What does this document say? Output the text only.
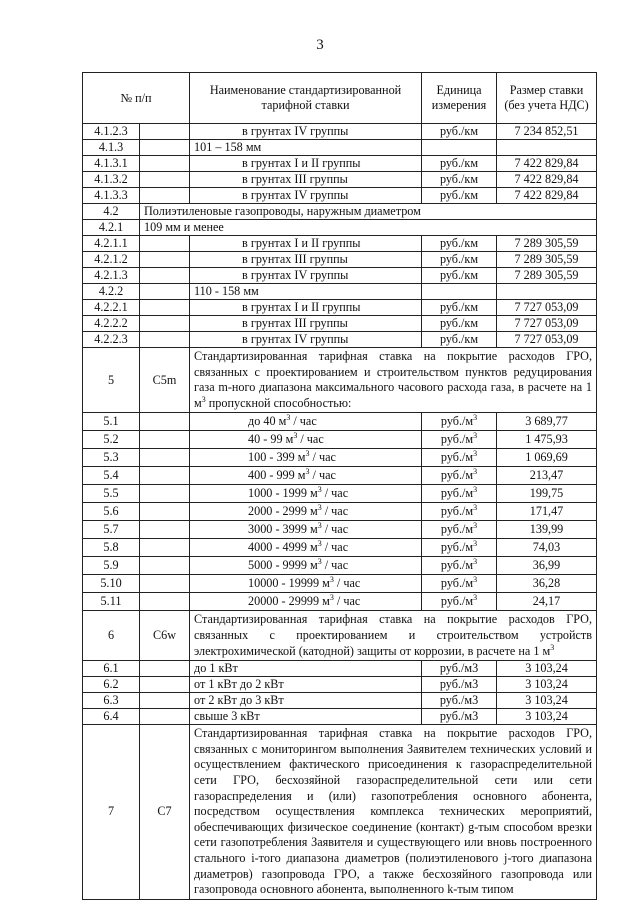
3
№ п/п		Наименование стандартизированной тарифной ставки	Единица измерения	Размер ставки (без учета НДС)
4.1.2.3		в грунтах IV группы	руб./км	7 234 852,51
4.1.3		101 – 158 мм		
4.1.3.1		в грунтах I и II группы	руб./км	7 422 829,84
4.1.3.2		в грунтах III группы	руб./км	7 422 829,84
4.1.3.3		в грунтах IV группы	руб./км	7 422 829,84
4.2	Полиэтиленовые газопроводы, наружным диаметром			
4.2.1	109 мм и менее			
4.2.1.1		в грунтах I и II группы	руб./км	7 289 305,59
4.2.1.2		в грунтах III группы	руб./км	7 289 305,59
4.2.1.3		в грунтах IV группы	руб./км	7 289 305,59
4.2.2		110 - 158 мм		
4.2.2.1		в грунтах I и II группы	руб./км	7 727 053,09
4.2.2.2		в грунтах III группы	руб./км	7 727 053,09
4.2.2.3		в грунтах IV группы	руб./км	7 727 053,09
5	C5m	Стандартизированная тарифная ставка на покрытие расходов ГРО, связанных с проектированием и строительством пунктов редуцирования газа m-ного диапазона максимального часового расхода газа, в расчете на 1 $м^3$ пропускной способностью:		
5.1		до 40 $м^3$ / час	$руб./м^3$	3 689,77
5.2		40 - 99 $м^3$ / час	$руб./м^3$	1 475,93
5.3		100 - 399 $м^3$ / час	$руб./м^3$	1 069,69
5.4		400 - 999 $м^3$ / час	$руб./м^3$	213,47
5.5		1000 - 1999 $м^3$ / час	$руб./м^3$	199,75
5.6		2000 - 2999 $м^3$ / час	$руб./м^3$	171,47
5.7		3000 - 3999 $м^3$ / час	$руб./м^3$	139,99
5.8		4000 - 4999 $м^3$ / час	$руб./м^3$	74,03
5.9		5000 - 9999 $м^3$ / час	$руб./м^3$	36,99
5.10		10000 - 19999 $м^3$ / час	$руб./м^3$	36,28
5.11		20000 - 29999 $м^3$ / час	$руб./м^3$	24,17
6	C6w	Стандартизированная тарифная ставка на покрытие расходов ГРО, связанных с проектированием и строительством устройств электрохимической (катодной) защиты от коррозии, в расчете на 1 $м^3$
6.1		до 1 кВт	руб./м3	3 103,24
6.2		от 1 кВт до 2 кВт	руб./м3	3 103,24
6.3		от 2 кВт до 3 кВт	руб./м3	3 103,24
6.4		свыше 3 кВт	руб./м3	3 103,24
7	C7	Стандартизированная тарифная ставка на покрытие расходов ГРО, связанных с мониторингом выполнения Заявителем технических условий и осуществлением фактического присоединения к газораспределительной сети ГРО, бесхозяйной газораспределительной сети или сети газораспределения и (или) газопотребления основного абонента, посредством осуществления комплекса технических мероприятий, обеспечивающих физическое соединение (контакт) g-тым способом врезки сети газопотребления Заявителя и существующего или вновь построенного стального i-того диапазона диаметров (полиэтиленового j-того диапазона диаметров) газопровода ГРО, а также бесхозяйного газопровода или газопровода основного абонента, выполненного k-тым типом		
